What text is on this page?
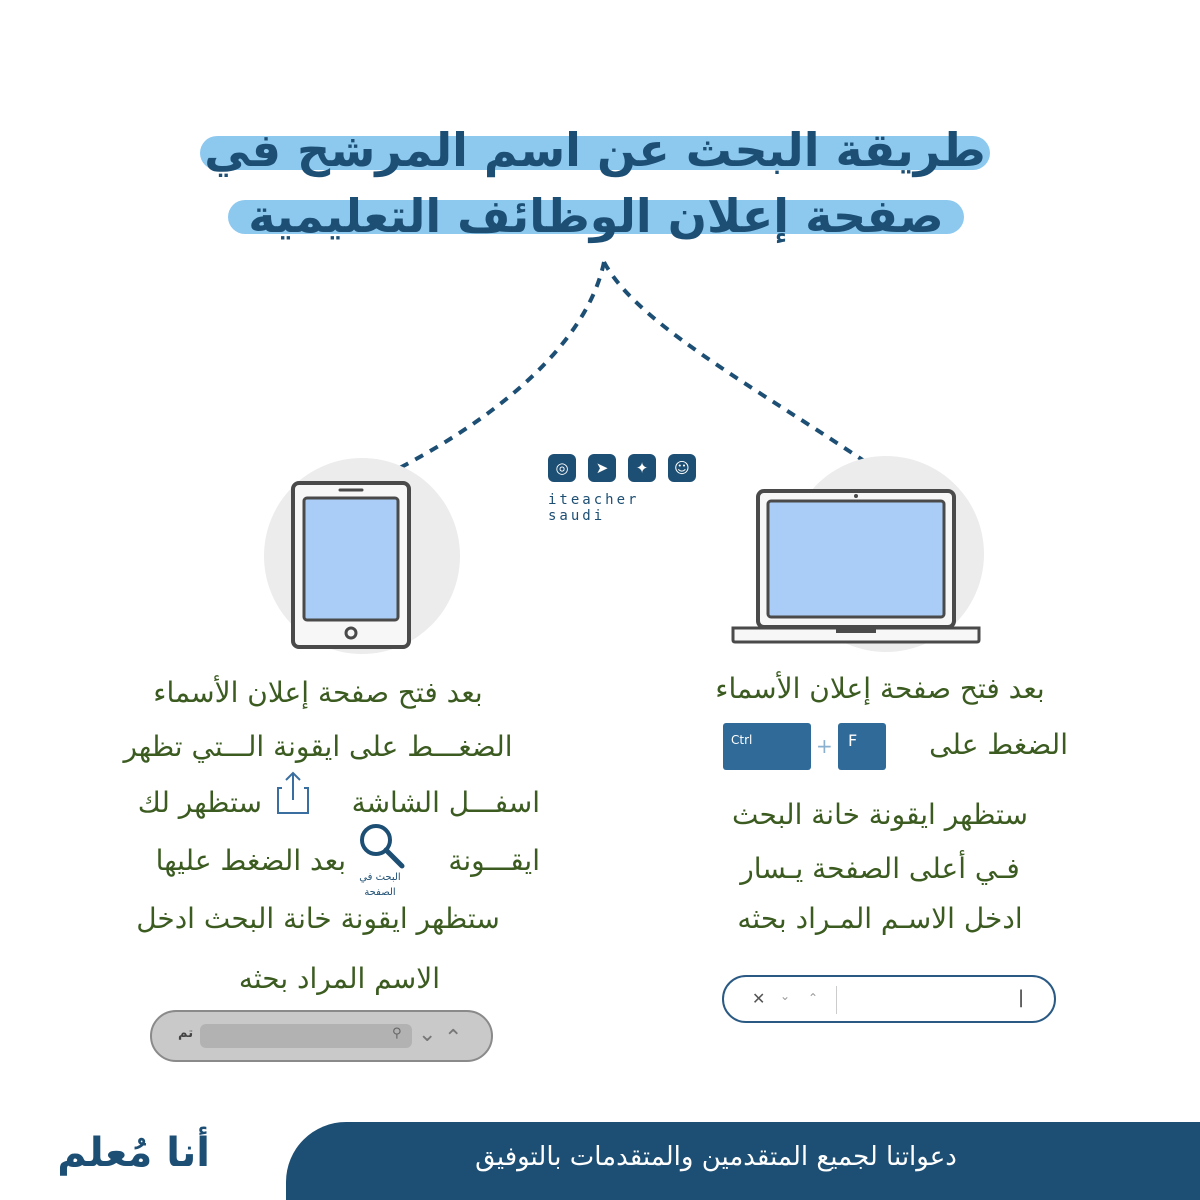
طريقة البحث عن اسم المرشح في
صفحة إعلان الوظائف التعليمية
◎	➤	✦	☺
iteacher saudi
بعد فتح صفحة إعلان الأسماء
الضغط على
ستظهر ايقونة خانة البحث
فـي أعلى الصفحة يـسار
ادخل الاسـم المـراد بحثه
Ctrl	+ F
✕ ⌄ ⌃	|
بعد فتح صفحة إعلان الأسماء
الضغـــط على ايقونة الـــتي تظهر
اسفـــل الشاشة
ستظهر لك
ايقـــونة
بعد الضغط عليها
ستظهر ايقونة خانة البحث ادخل
الاسم المراد بحثه
البحث في الصفحة
تم	⚲ ⌄ ⌃
دعواتنا لجميع المتقدمين والمتقدمات بالتوفيق
أنا مُعلم
